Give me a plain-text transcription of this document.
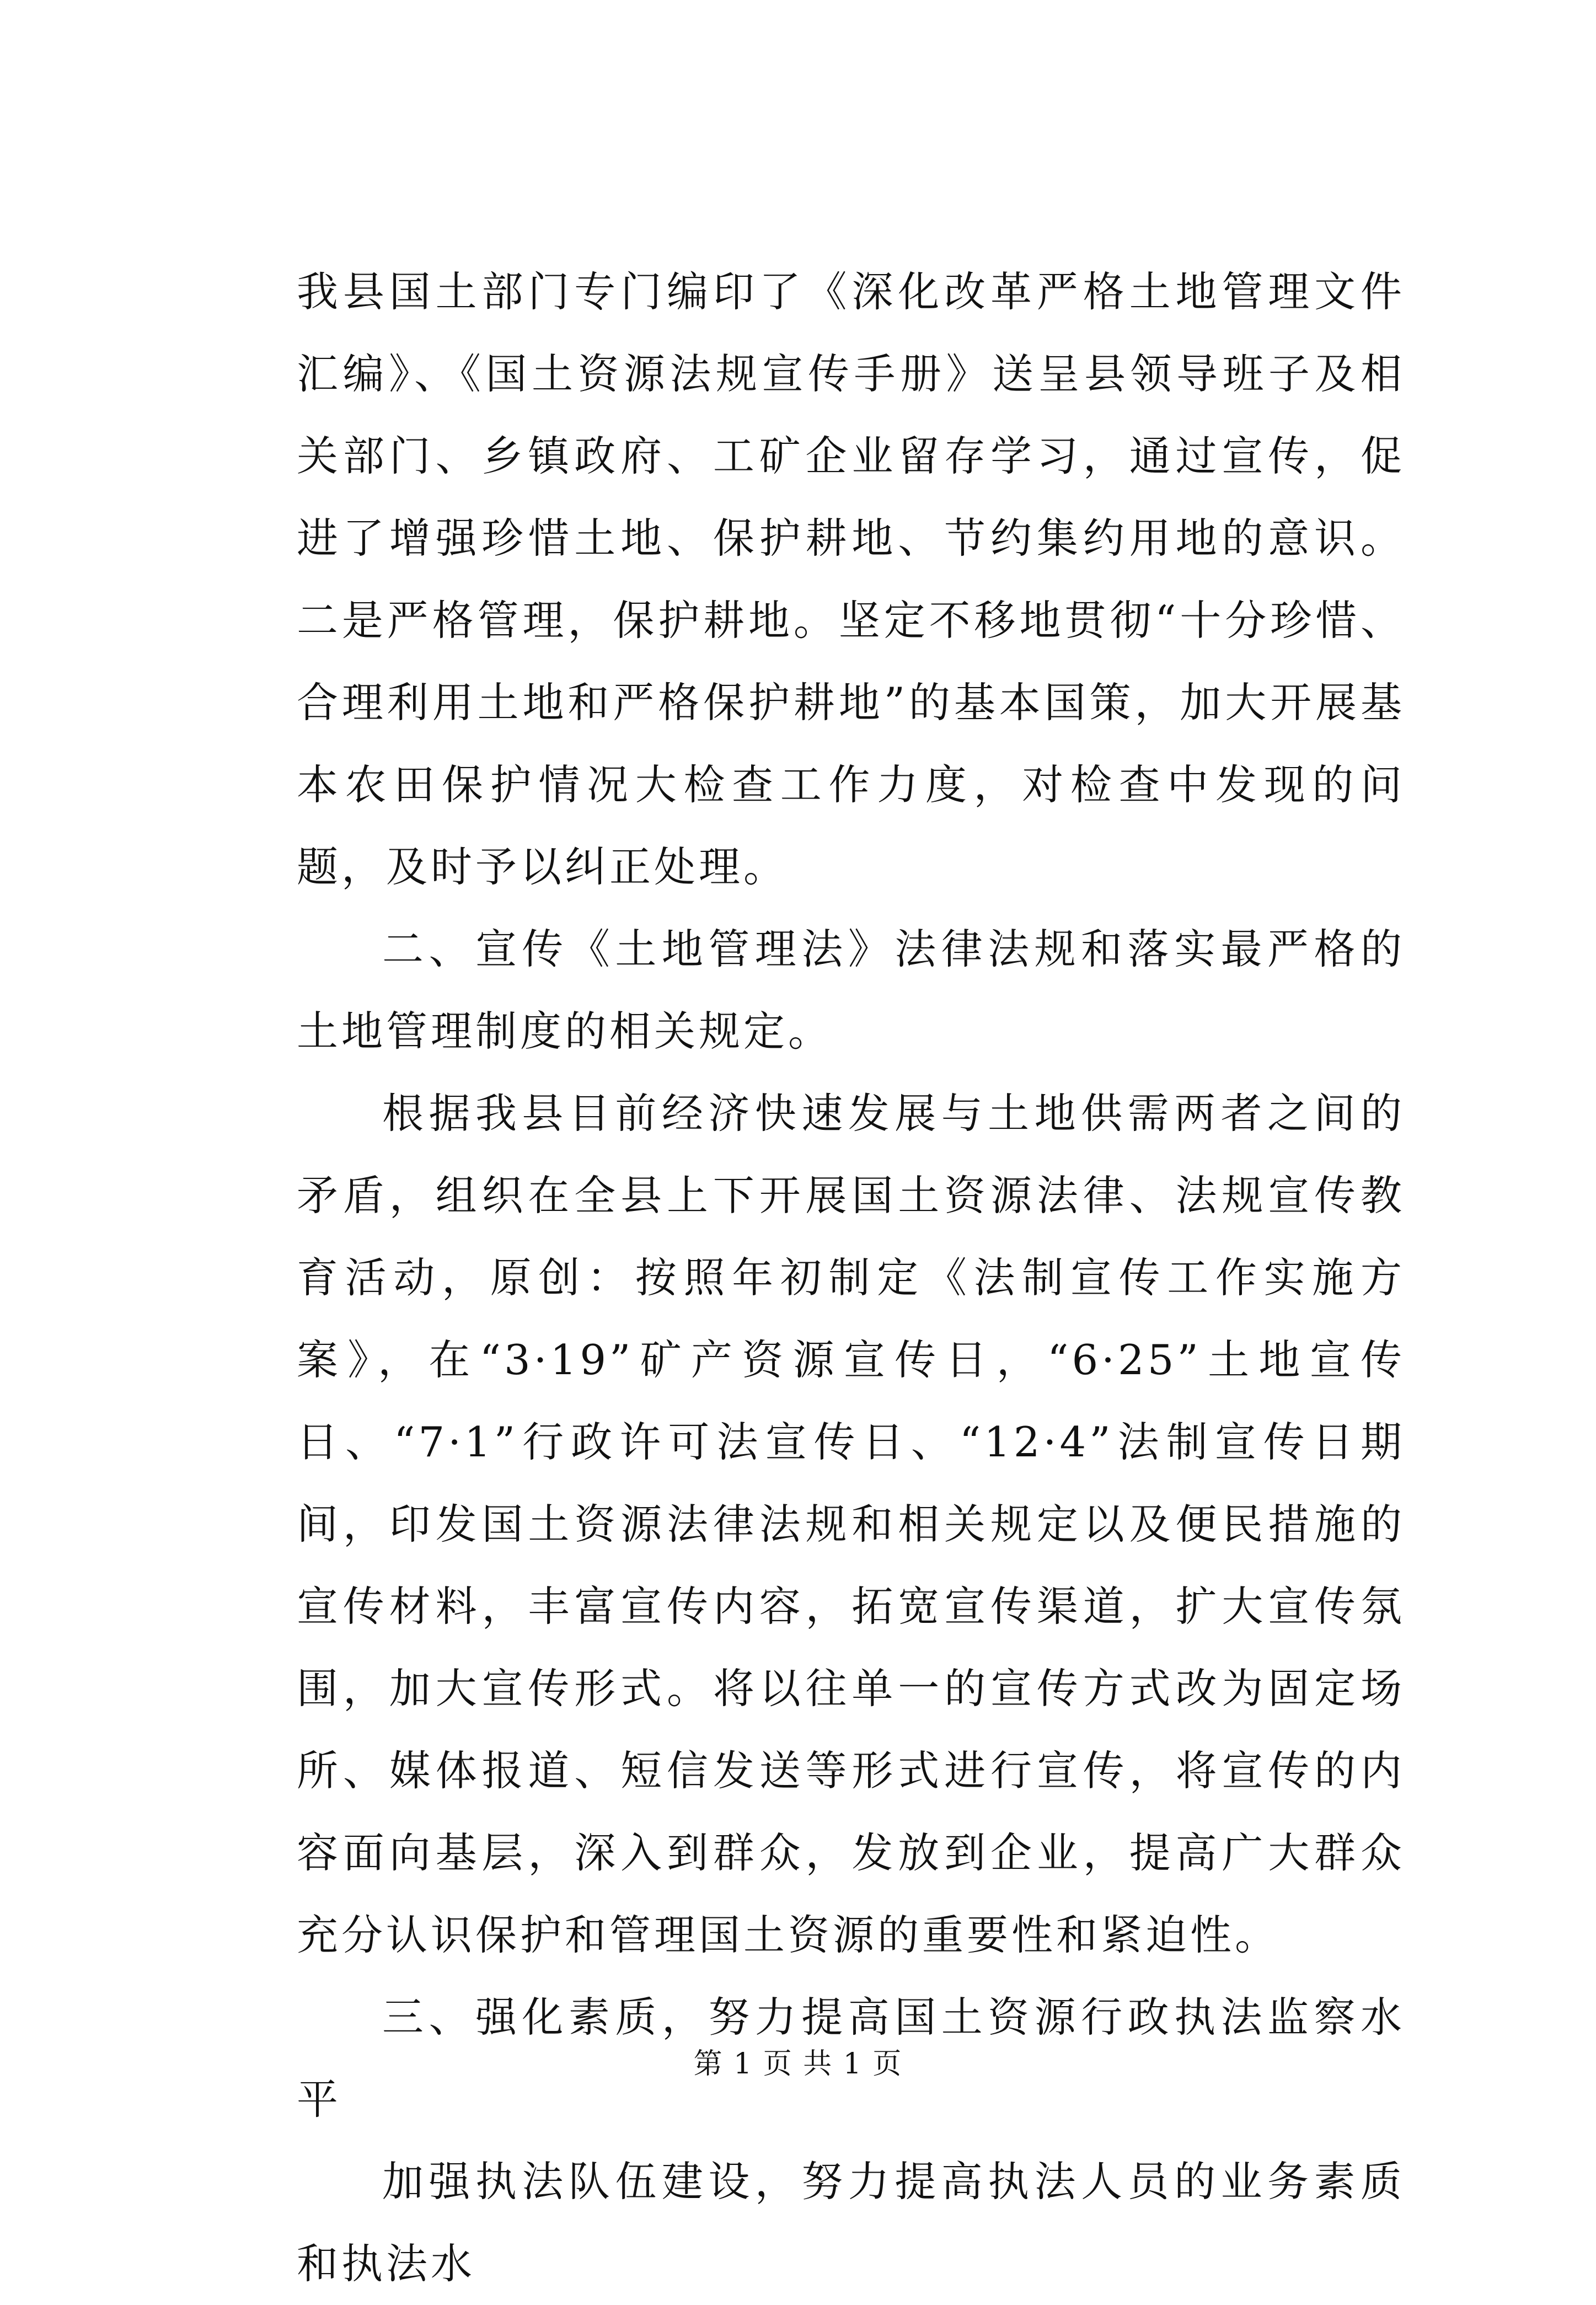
我县国土部门专门编印了《深化改革严格土地管理文件汇编》、《国土资源法规宣传手册》送呈县领导班子及相关部门、乡镇政府、工矿企业留存学习，通过宣传，促进了增强珍惜土地、保护耕地、节约集约用地的意识。二是严格管理，保护耕地。坚定不移地贯彻“十分珍惜、合理利用土地和严格保护耕地”的基本国策，加大开展基本农田保护情况大检查工作力度，对检查中发现的问题，及时予以纠正处理。

二、宣传《土地管理法》法律法规和落实最严格的土地管理制度的相关规定。

根据我县目前经济快速发展与土地供需两者之间的矛盾，组织在全县上下开展国土资源法律、法规宣传教育活动，原创：按照年初制定《法制宣传工作实施方案》，在“3·19”矿产资源宣传日，“6·25”土地宣传日、“7·1”行政许可法宣传日、“12·4”法制宣传日期间，印发国土资源法律法规和相关规定以及便民措施的宣传材料，丰富宣传内容，拓宽宣传渠道，扩大宣传氛围，加大宣传形式。将以往单一的宣传方式改为固定场所、媒体报道、短信发送等形式进行宣传，将宣传的内容面向基层，深入到群众，发放到企业，提高广大群众充分认识保护和管理国土资源的重要性和紧迫性。

三、强化素质，努力提高国土资源行政执法监察水平

加强执法队伍建设，努力提高执法人员的业务素质和执法水

第 1 页 共 1 页
